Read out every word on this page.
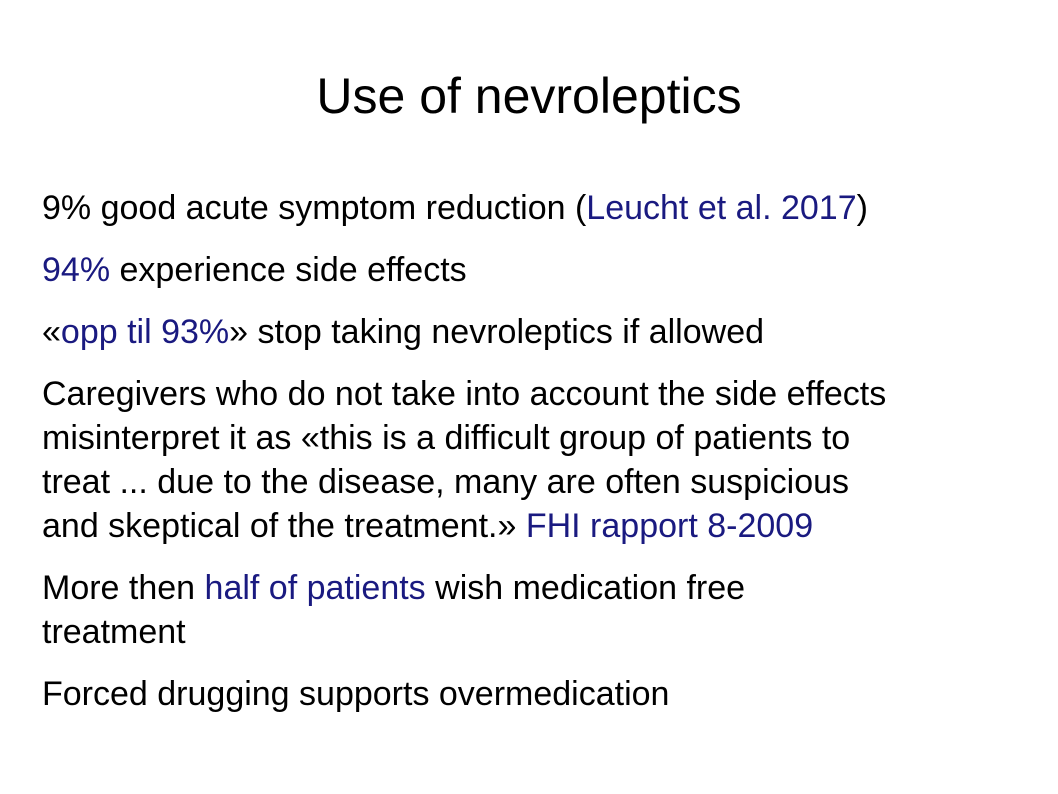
Use of nevroleptics
9% good acute symptom reduction (Leucht et al. 2017)
94% experience side effects
«opp til 93%» stop taking nevroleptics if allowed
Caregivers who do not take into account the side effects
misinterpret it as «this is a difficult group of patients to
treat ... due to the disease, many are often suspicious
and skeptical of the treatment.» FHI rapport 8-2009
More then half of patients wish medication free
treatment
Forced drugging supports overmedication
